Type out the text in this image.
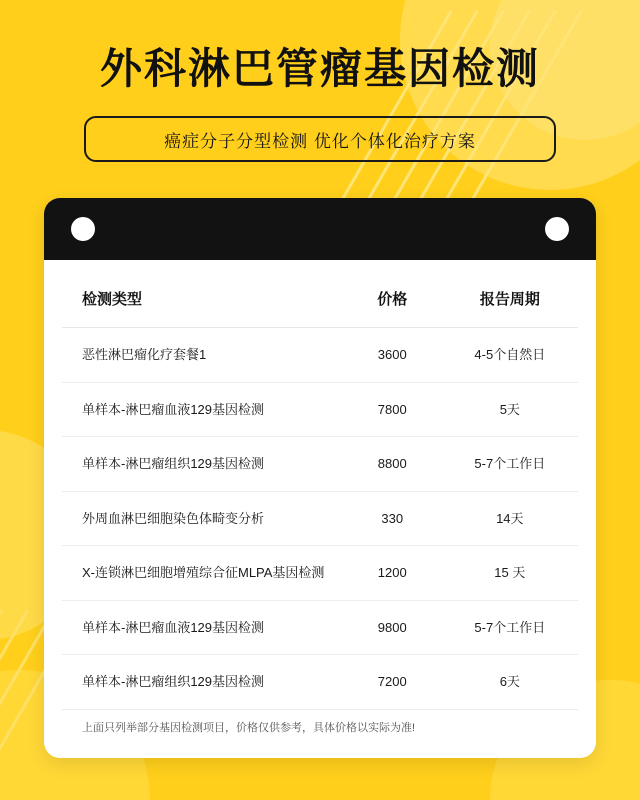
外科淋巴管瘤基因检测
癌症分子分型检测 优化个体化治疗方案
检测类型	价格	报告周期
恶性淋巴瘤化疗套餐1	3600	4-5个自然日
单样本-淋巴瘤血液129基因检测	7800	5天
单样本-淋巴瘤组织129基因检测	8800	5-7个工作日
外周血淋巴细胞染色体畸变分析	330	14天
X-连锁淋巴细胞增殖综合征MLPA基因检测	1200	15 天
单样本-淋巴瘤血液129基因检测	9800	5-7个工作日
单样本-淋巴瘤组织129基因检测	7200	6天
上面只列举部分基因检测项目，价格仅供参考，具体价格以实际为准!
